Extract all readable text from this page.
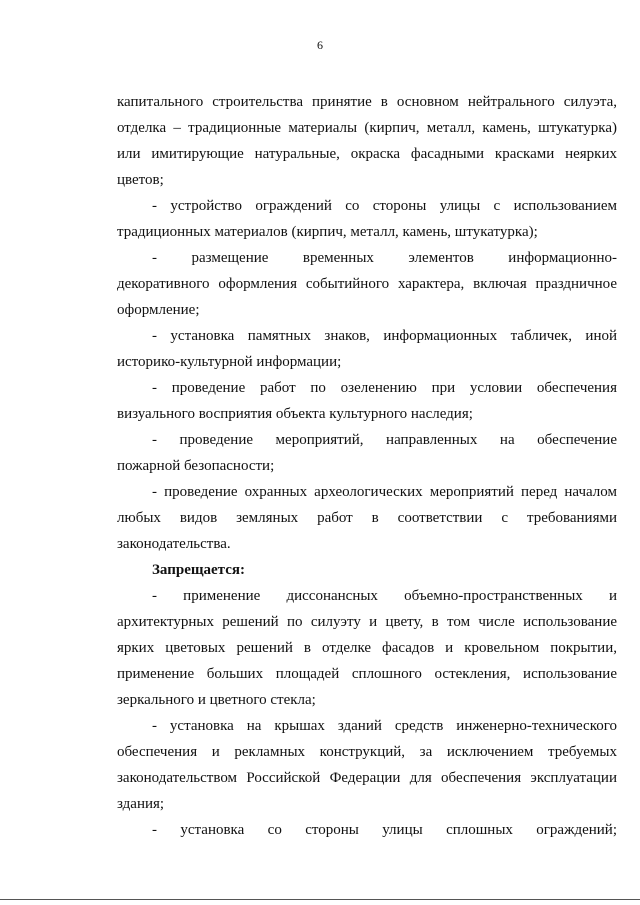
6
капитального строительства принятие в основном нейтрального силуэта,
отделка – традиционные материалы (кирпич, металл, камень, штукатурка)
или имитирующие натуральные, окраска фасадными красками неярких
цветов;
- устройство ограждений со стороны улицы с использованием
традиционных материалов (кирпич, металл, камень, штукатурка);
- размещение временных элементов информационно-
декоративного оформления событийного характера, включая праздничное
оформление;
- установка памятных знаков, информационных табличек, иной
историко-культурной информации;
- проведение работ по озеленению при условии обеспечения
визуального восприятия объекта культурного наследия;
- проведение мероприятий, направленных на обеспечение
пожарной безопасности;
- проведение охранных археологических мероприятий перед началом
любых видов земляных работ в соответствии с требованиями
законодательства.
Запрещается:
- применение диссонансных объемно-пространственных и
архитектурных решений по силуэту и цвету, в том числе использование
ярких цветовых решений в отделке фасадов и кровельном покрытии,
применение больших площадей сплошного остекления, использование
зеркального и цветного стекла;
- установка на крышах зданий средств инженерно-технического
обеспечения и рекламных конструкций, за исключением требуемых
законодательством Российской Федерации для обеспечения эксплуатации
здания;
- установка со стороны улицы сплошных ограждений;
